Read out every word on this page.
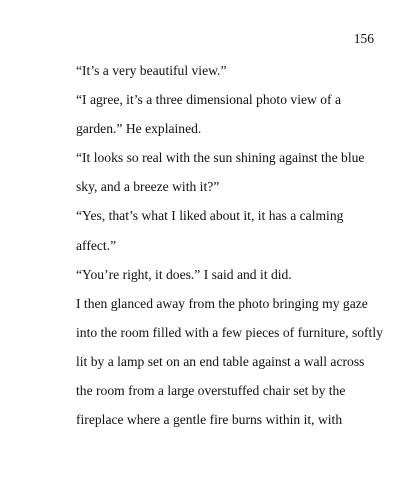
156
“It’s a very beautiful view.”
“I agree, it’s a three dimensional photo view of a
garden.” He explained.
“It looks so real with the sun shining against the blue
sky, and a breeze with it?”
“Yes, that’s what I liked about it, it has a calming
affect.”
“You’re right, it does.” I said and it did.
I then glanced away from the photo bringing my gaze
into the room filled with a few pieces of furniture, softly
lit by a lamp set on an end table against a wall across
the room from a large overstuffed chair set by the
fireplace where a gentle fire burns within it, with
